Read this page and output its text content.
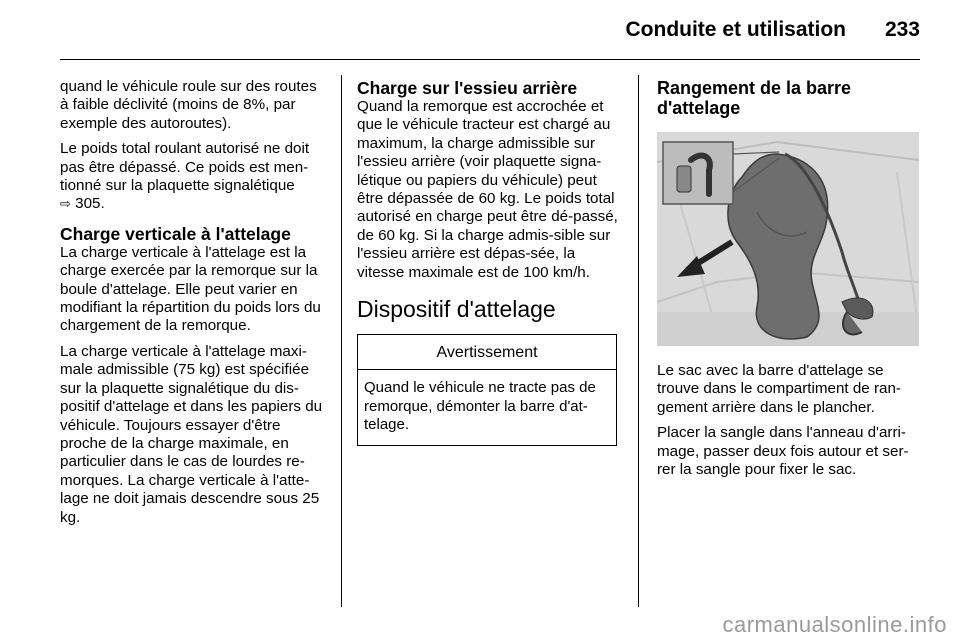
Conduite et utilisation	233

quand le véhicule roule sur des routes à faible déclivité (moins de 8%, par exemple des autoroutes).

Le poids total roulant autorisé ne doit pas être dépassé. Ce poids est men-tionné sur la plaquette signalétique
⇨ 305.

Charge verticale à l'attelage

La charge verticale à l'attelage est la charge exercée par la remorque sur la boule d'attelage. Elle peut varier en modifiant la répartition du poids lors du chargement de la remorque.

La charge verticale à l'attelage maxi-male admissible (75 kg) est spécifiée sur la plaquette signalétique du dis-positif d'attelage et dans les papiers du véhicule. Toujours essayer d'être proche de la charge maximale, en particulier dans le cas de lourdes re-morques. La charge verticale à l'atte-lage ne doit jamais descendre sous 25 kg.

Charge sur l'essieu arrière

Quand la remorque est accrochée et que le véhicule tracteur est chargé au maximum, la charge admissible sur l'essieu arrière (voir plaquette signa-létique ou papiers du véhicule) peut être dépassée de 60 kg. Le poids total autorisé en charge peut être dé-passé, de 60 kg. Si la charge admis-sible sur l'essieu arrière est dépas-sée, la vitesse maximale est de 100 km/h.

Dispositif d'attelage
Avertissement
Quand le véhicule ne tracte pas de remorque, démonter la barre d'at-telage.
Rangement de la barre d'attelage

Le sac avec la barre d'attelage se trouve dans le compartiment de ran-gement arrière dans le plancher.

Placer la sangle dans l'anneau d'arri-mage, passer deux fois autour et ser-rer la sangle pour fixer le sac.

carmanualsonline.info
